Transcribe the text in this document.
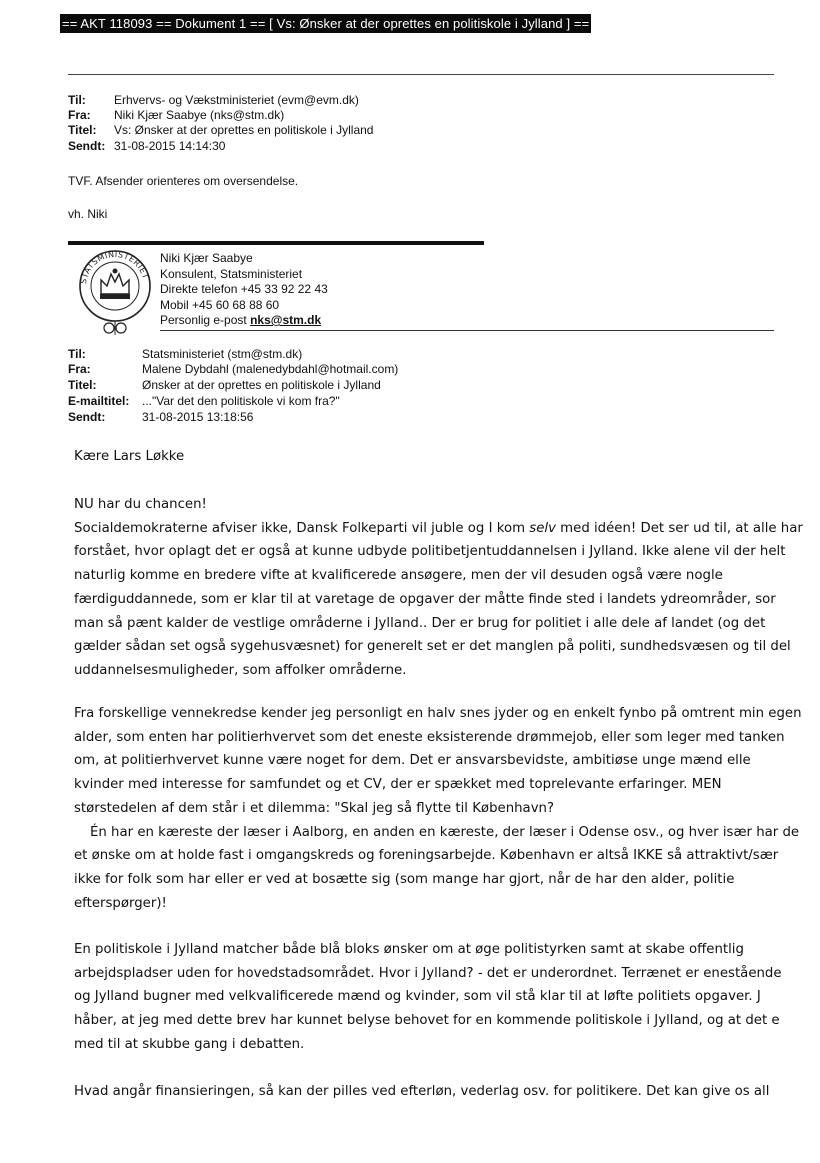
== AKT 118093 == Dokument 1 == [ Vs: Ønsker at der oprettes en politiskole i Jylland ] ==
Til: Erhvervs- og Vækstministeriet (evm@evm.dk)
Fra: Niki Kjær Saabye (nks@stm.dk)
Titel: Vs: Ønsker at der oprettes en politiskole i Jylland
Sendt: 31-08-2015 14:14:30
TVF. Afsender orienteres om oversendelse.
vh. Niki
STATSMINISTERIET
Niki Kjær Saabye
Konsulent, Statsministeriet
Direkte telefon +45 33 92 22 43
Mobil +45 60 68 88 60
Personlig e-post nks@stm.dk
Til:	Statsministeriet (stm@stm.dk)
Fra:	Malene Dybdahl (malenedybdahl@hotmail.com)
Titel:	Ønsker at der oprettes en politiskole i Jylland
E-mailtitel: ..."Var det den politiskole vi kom fra?"
Sendt:	31-08-2015 13:18:56
Kære Lars Løkke

NU har du chancen!

Socialdemokraterne afviser ikke, Dansk Folkeparti vil juble og I kom selv med idéen! Det ser ud til, at alle har

forstået, hvor oplagt det er også at kunne udbyde politibetjentuddannelsen i Jylland. Ikke alene vil der helt

naturlig komme en bredere vifte at kvalificerede ansøgere, men der vil desuden også være nogle

færdiguddannede, som er klar til at varetage de opgaver der måtte finde sted i landets ydreområder, sor

man så pænt kalder de vestlige områderne i Jylland.. Der er brug for politiet i alle dele af landet (og det

gælder sådan set også sygehusvæsnet) for generelt set er det manglen på politi, sundhedsvæsen og til del

uddannelsesmuligheder, som affolker områderne.

Fra forskellige vennekredse kender jeg personligt en halv snes jyder og en enkelt fynbo på omtrent min egen

alder, som enten har politierhvervet som det eneste eksisterende drømmejob, eller som leger med tanken

om, at politierhvervet kunne være noget for dem. Det er ansvarsbevidste, ambitiøse unge mænd elle

kvinder med interesse for samfundet og et CV, der er spækket med toprelevante erfaringer. MEN

størstedelen af dem står i et dilemma: "Skal jeg så flytte til København?

Én har en kæreste der læser i Aalborg, en anden en kæreste, der læser i Odense osv., og hver især har de

et ønske om at holde fast i omgangskreds og foreningsarbejde. København er altså IKKE så attraktivt/sær

ikke for folk som har eller er ved at bosætte sig (som mange har gjort, når de har den alder, politie

efterspørger)!

En politiskole i Jylland matcher både blå bloks ønsker om at øge politistyrken samt at skabe offentlig

arbejdspladser uden for hovedstadsområdet. Hvor i Jylland? - det er underordnet. Terrænet er enestående

og Jylland bugner med velkvalificerede mænd og kvinder, som vil stå klar til at løfte politiets opgaver. J

håber, at jeg med dette brev har kunnet belyse behovet for en kommende politiskole i Jylland, og at det e

med til at skubbe gang i debatten.

Hvad angår finansieringen, så kan der pilles ved efterløn, vederlag osv. for politikere. Det kan give os all
